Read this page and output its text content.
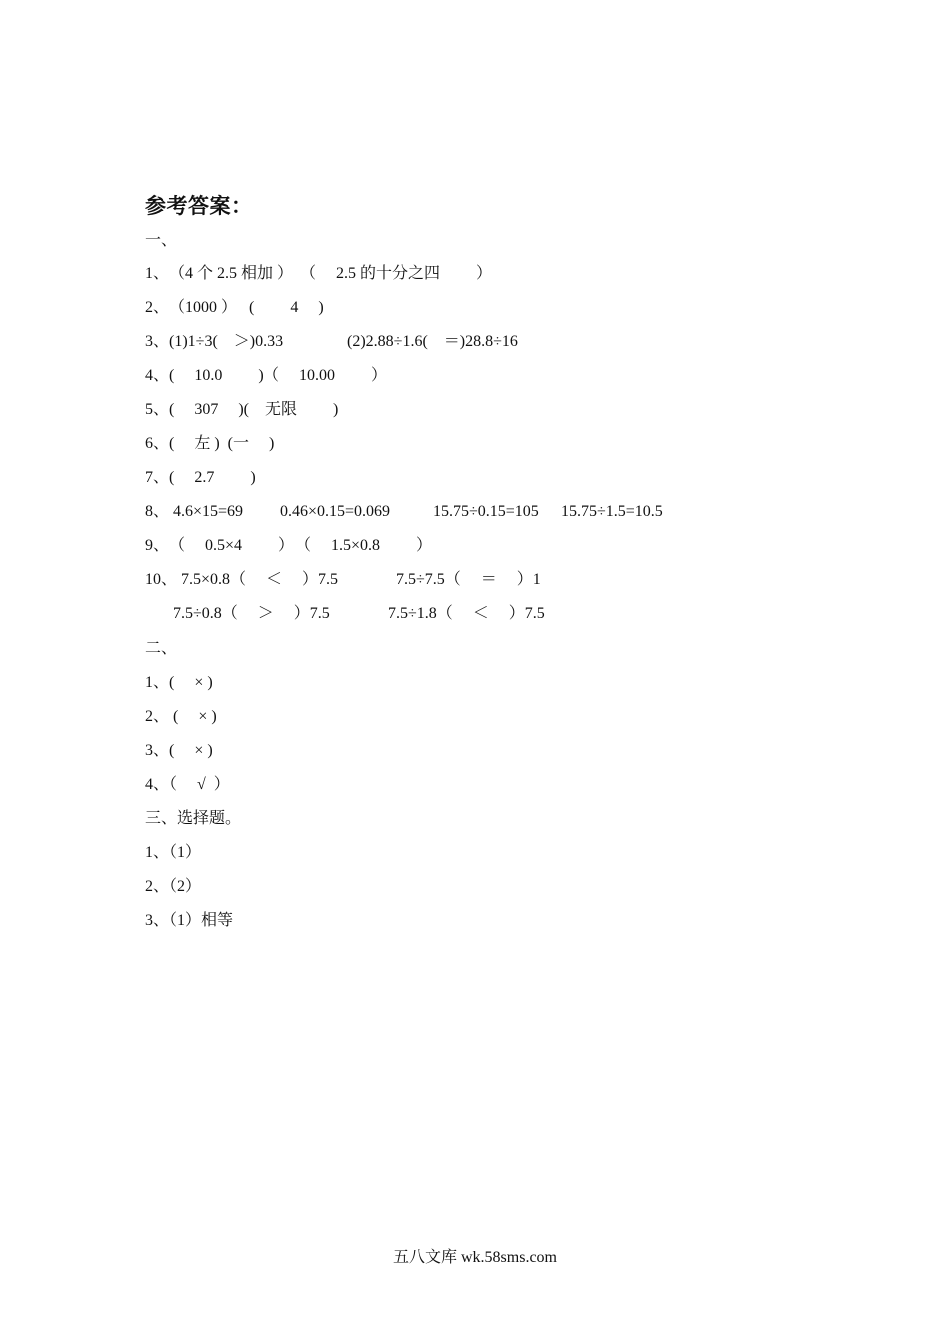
参考答案：
一、

1、

（4 个 2.5 相加 ）

（     2.5 的十分之四         ）

2、

（1000 ）

(         4     )

3、

(1)1÷3(    ＞)0.33

	(2)2.88÷1.6(    ＝)28.8÷16

4、

(     10.0         )

（     10.00         ）

5、

(     307     )(

无限         )

6、

(     左 )  (一     )

7、

(     2.7         )

8、

4.6×15=69

0.46×0.15=0.069

	15.75÷0.15=105

15.75÷1.5=10.5

9、

（     0.5×4         ）

（     1.5×0.8         ）

10、

7.5×0.8（     ＜     ）7.5

	7.5÷7.5（     ＝     ）1

7.5÷0.8（     ＞     ）7.5

	7.5÷1.8（     ＜     ）7.5

二、
1、(     × )
2、 (     × )
3、(     × )
4、（     √  ）
三、选择题。
1、（1）
2、（2）
3、（1）相等
五八文库 wk.58sms.com
